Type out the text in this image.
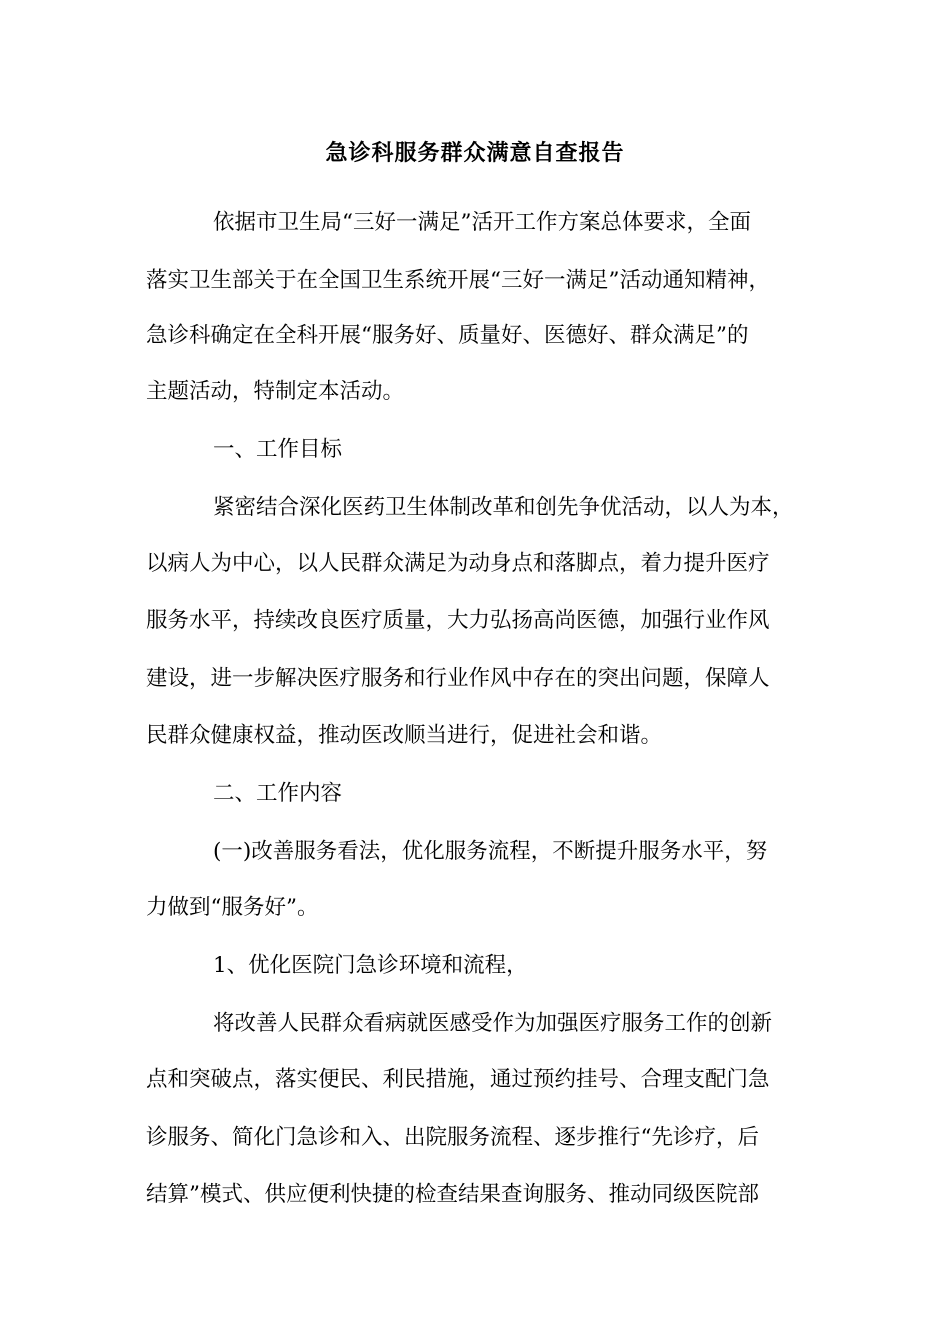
急诊科服务群众满意自查报告
依据市卫生局“三好一满足”活开工作方案总体要求，全面
落实卫生部关于在全国卫生系统开展“三好一满足”活动通知精神，
急诊科确定在全科开展“服务好、质量好、医德好、群众满足”的
主题活动，特制定本活动。
一、工作目标
紧密结合深化医药卫生体制改革和创先争优活动，以人为本，
以病人为中心，以人民群众满足为动身点和落脚点，着力提升医疗
服务水平，持续改良医疗质量，大力弘扬高尚医德，加强行业作风
建设，进一步解决医疗服务和行业作风中存在的突出问题，保障人
民群众健康权益，推动医改顺当进行，促进社会和谐。
二、工作内容
(一)改善服务看法，优化服务流程，不断提升服务水平，努
力做到“服务好”。
1、优化医院门急诊环境和流程，
将改善人民群众看病就医感受作为加强医疗服务工作的创新
点和突破点，落实便民、利民措施，通过预约挂号、合理支配门急
诊服务、简化门急诊和入、出院服务流程、逐步推行“先诊疗，后
结算”模式、供应便利快捷的检查结果查询服务、推动同级医院部
